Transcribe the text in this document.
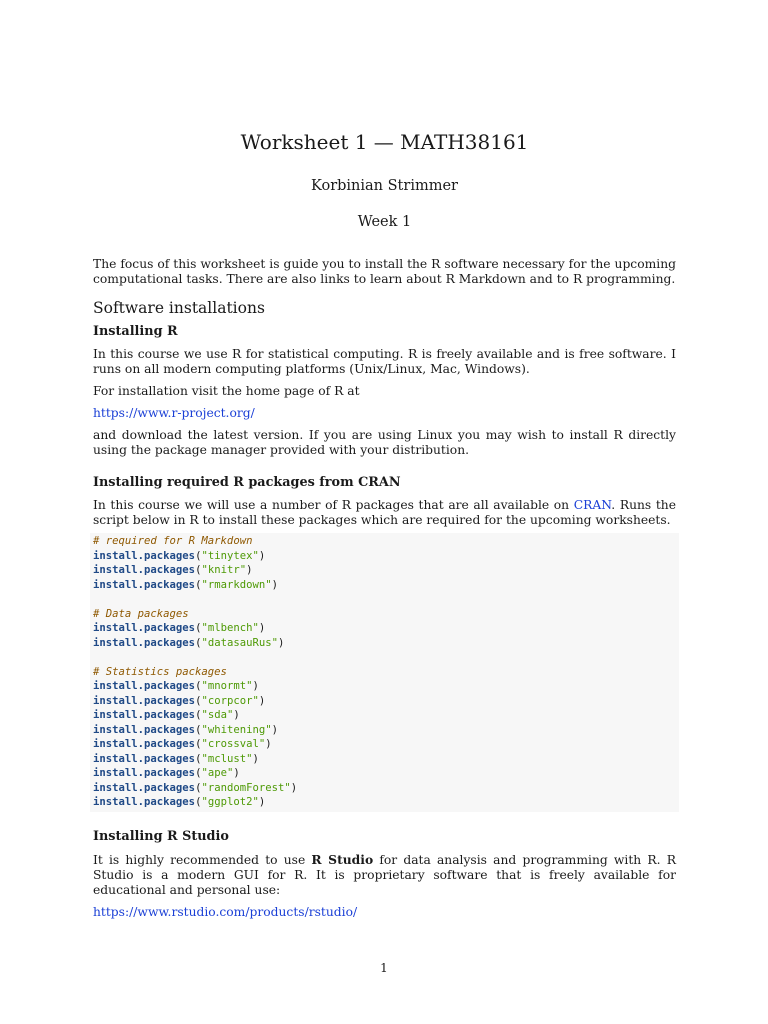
Worksheet 1 — MATH38161
Korbinian Strimmer
Week 1

The focus of this worksheet is guide you to install the R software necessary for the upcoming computational tasks. There are also links to learn about R Markdown and to R programming.

Software installations
Installing R

In this course we use R for statistical computing. R is freely available and is free software. I runs on all modern computing platforms (Unix/Linux, Mac, Windows).

For installation visit the home page of R at

https://www.r-project.org/

and download the latest version. If you are using Linux you may wish to install R directly using the package manager provided with your distribution.

Installing required R packages from CRAN

In this course we will use a number of R packages that are all available on CRAN. Runs the script below in R to install these packages which are required for the upcoming worksheets.

# required for R Markdown
install.packages("tinytex")
install.packages("knitr")
install.packages("rmarkdown")
# Data packages
install.packages("mlbench")
install.packages("datasauRus")
# Statistics packages
install.packages("mnormt")
install.packages("corpcor")
install.packages("sda")
install.packages("whitening")
install.packages("crossval")
install.packages("mclust")
install.packages("ape")
install.packages("randomForest")
install.packages("ggplot2")
Installing R Studio

It is highly recommended to use R Studio for data analysis and programming with R. R Studio is a modern GUI for R. It is proprietary software that is freely available for educational and personal use:

https://www.rstudio.com/products/rstudio/

1
